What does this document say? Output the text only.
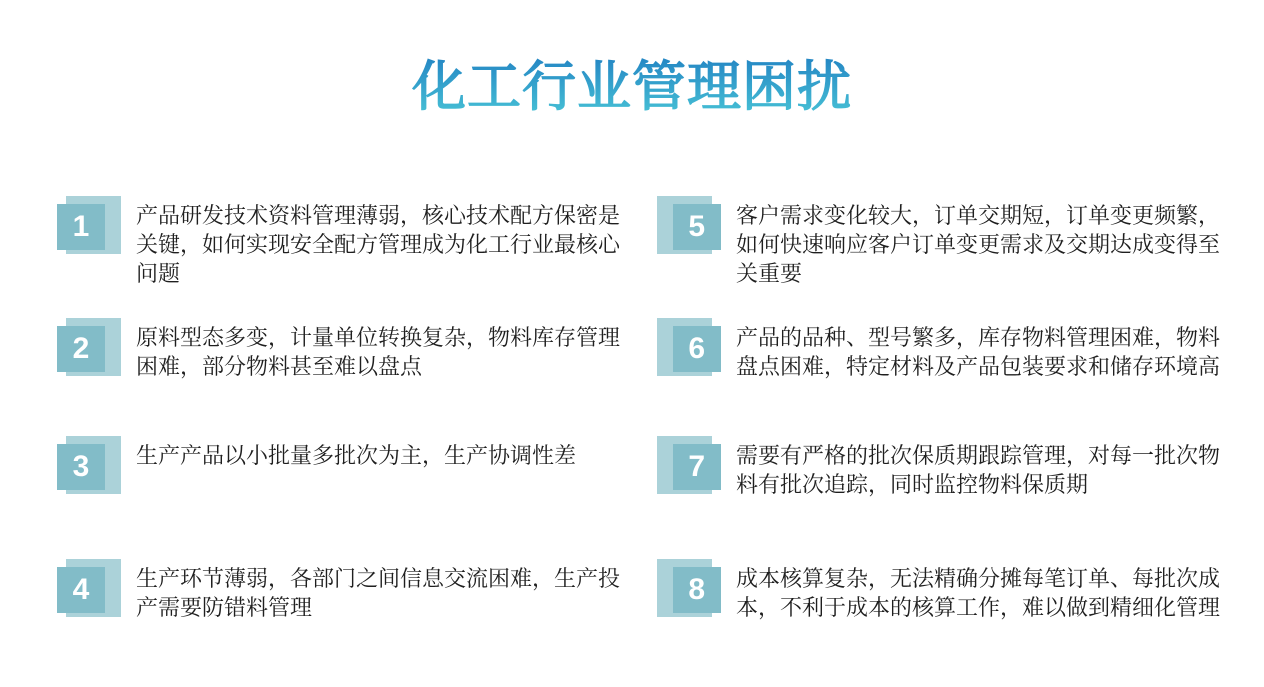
化工行业管理困扰
1 产品研发技术资料管理薄弱，核心技术配方保密是关键，如何实现安全配方管理成为化工行业最核心问题
2 原料型态多变，计量单位转换复杂，物料库存管理困难，部分物料甚至难以盘点
3 生产产品以小批量多批次为主，生产协调性差
4 生产环节薄弱，各部门之间信息交流困难，生产投产需要防错料管理
5 客户需求变化较大，订单交期短，订单变更频繁，如何快速响应客户订单变更需求及交期达成变得至关重要
6 产品的品种、型号繁多，库存物料管理困难，物料盘点困难，特定材料及产品包装要求和储存环境高
7 需要有严格的批次保质期跟踪管理，对每一批次物料有批次追踪，同时监控物料保质期
8 成本核算复杂，无法精确分摊每笔订单、每批次成本，不利于成本的核算工作，难以做到精细化管理
